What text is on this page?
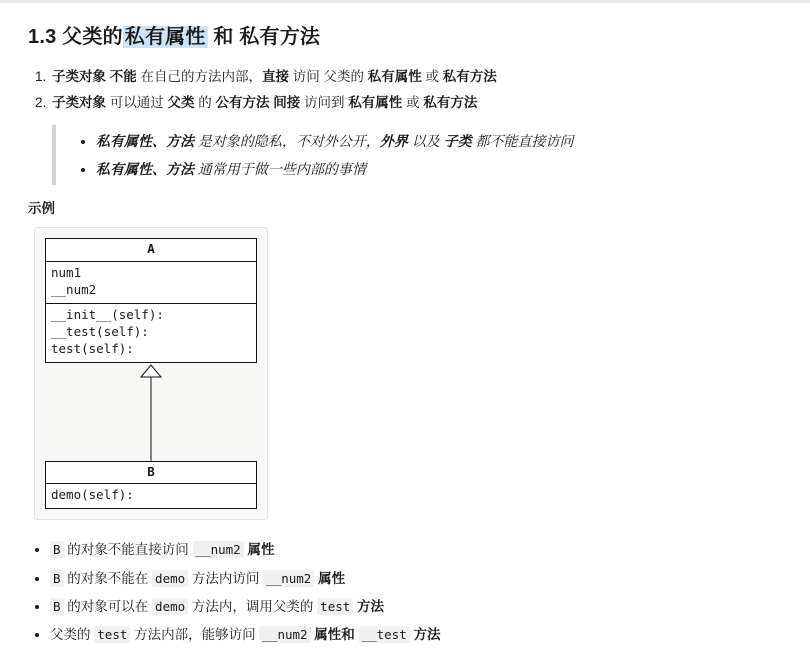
1.3 父类的 私有属性 和 私有方法
1. 子类对象 不能 在自己的方法内部，直接 访问 父类的 私有属性 或 私有方法
2. 子类对象 可以通过 父类 的 公有方法 间接 访问到 私有属性 或 私有方法
• 私有属性、方法 是对象的隐私，不对外公开，外界 以及 子类 都不能直接访问
• 私有属性、方法 通常用于做一些内部的事情
示例
A
num1
__num2
__init__(self):
__test(self):
test(self):
B
demo(self):
• B 的对象不能直接访问 __num2 属性
• B 的对象不能在 demo 方法内访问 __num2 属性
• B 的对象可以在 demo 方法内，调用父类的 test 方法
• 父类的 test 方法内部，能够访问 __num2 属性和 __test 方法
